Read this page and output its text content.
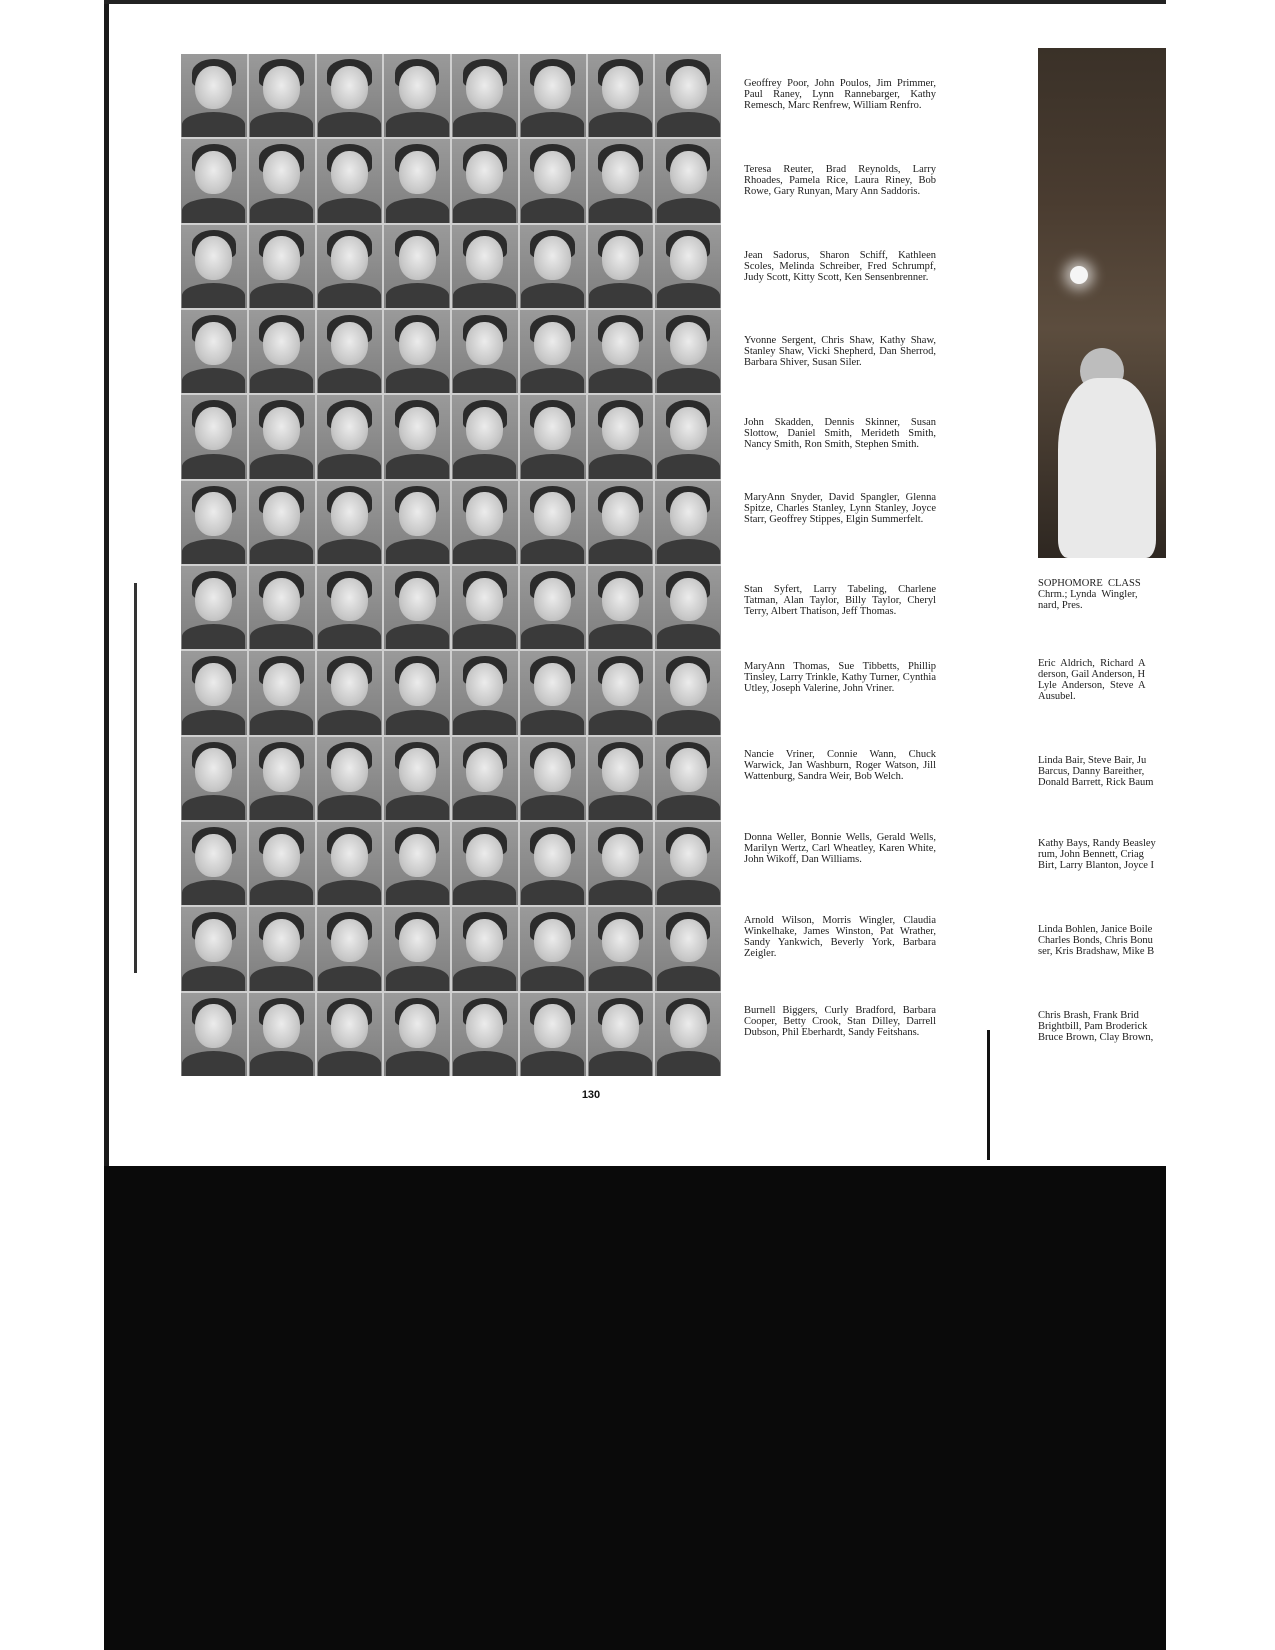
Geoffrey Poor, John Poulos, Jim Primmer, Paul Raney, Lynn Rannebarger, Kathy Remesch, Marc Renfrew, William Renfro.

Teresa Reuter, Brad Reynolds, Larry Rhoades, Pamela Rice, Laura Riney, Bob Rowe, Gary Runyan, Mary Ann Saddoris.

Jean Sadorus, Sharon Schiff, Kathleen Scoles, Melinda Schreiber, Fred Schrumpf, Judy Scott, Kitty Scott, Ken Sensenbrenner.

Yvonne Sergent, Chris Shaw, Kathy Shaw, Stanley Shaw, Vicki Shepherd, Dan Sherrod, Barbara Shiver, Susan Siler.

John Skadden, Dennis Skinner, Susan Slottow, Daniel Smith, Merideth Smith, Nancy Smith, Ron Smith, Stephen Smith.

MaryAnn Snyder, David Spangler, Glenna Spitze, Charles Stanley, Lynn Stanley, Joyce Starr, Geoffrey Stippes, Elgin Summerfelt.

Stan Syfert, Larry Tabeling, Charlene Tatman, Alan Taylor, Billy Taylor, Cheryl Terry, Albert Thatison, Jeff Thomas.

MaryAnn Thomas, Sue Tibbetts, Phillip Tinsley, Larry Trinkle, Kathy Turner, Cynthia Utley, Joseph Valerine, John Vriner.

Nancie Vriner, Connie Wann, Chuck Warwick, Jan Washburn, Roger Watson, Jill Wattenburg, Sandra Weir, Bob Welch.

Donna Weller, Bonnie Wells, Gerald Wells, Marilyn Wertz, Carl Wheatley, Karen White, John Wikoff, Dan Williams.

Arnold Wilson, Morris Wingler, Claudia Winkelhake, James Winston, Pat Wrather, Sandy Yankwich, Beverly York, Barbara Zeigler.

Burnell Biggers, Curly Bradford, Barbara Cooper, Betty Crook, Stan Dilley, Darrell Dubson, Phil Eberhardt, Sandy Feitshans.

130

SOPHOMORE  CLASS
Chrm.; Lynda  Wingler,
nard, Pres.

Eric  Aldrich,  Richard  A
derson, Gail Anderson, H
Lyle  Anderson,  Steve  A
Ausubel.

Linda Bair, Steve Bair, Ju
Barcus, Danny Bareither,
Donald Barrett, Rick Baum

Kathy Bays, Randy Beasley
rum, John Bennett, Criag
Birt, Larry Blanton, Joyce I

Linda Bohlen, Janice Boile
Charles Bonds, Chris Bonu
ser, Kris Bradshaw, Mike B

Chris Brash, Frank Brid
Brightbill, Pam Broderick
Bruce Brown, Clay Brown,
